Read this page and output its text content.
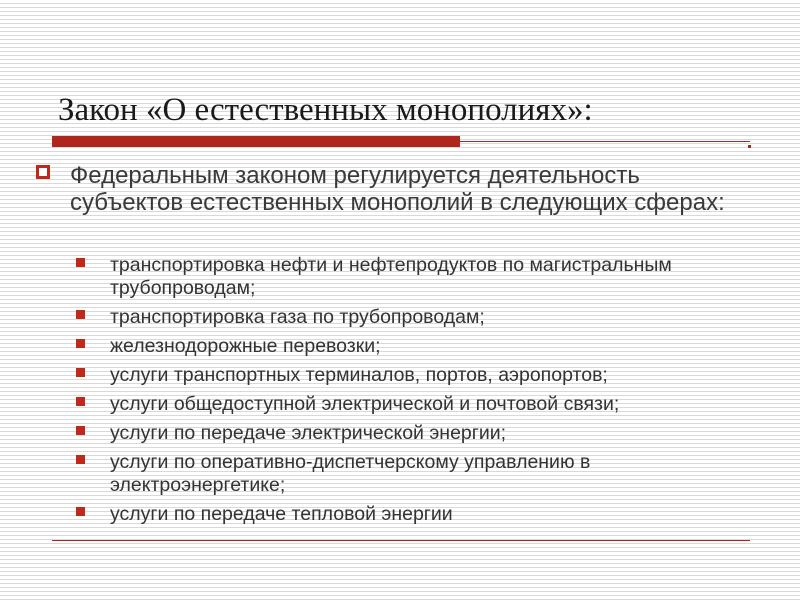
Закон «О естественных монополиях»:

Федеральным законом регулируется деятельность субъектов естественных монополий в следующих сферах:

транспортировка нефти и нефтепродуктов по магистральным трубопроводам;
транспортировка газа по трубопроводам;
железнодорожные перевозки;
услуги транспортных терминалов, портов, аэропортов;
услуги общедоступной электрической и почтовой связи;
услуги по передаче электрической энергии;
услуги по оперативно-диспетчерскому управлению в электроэнергетике;
услуги по передаче тепловой энергии
